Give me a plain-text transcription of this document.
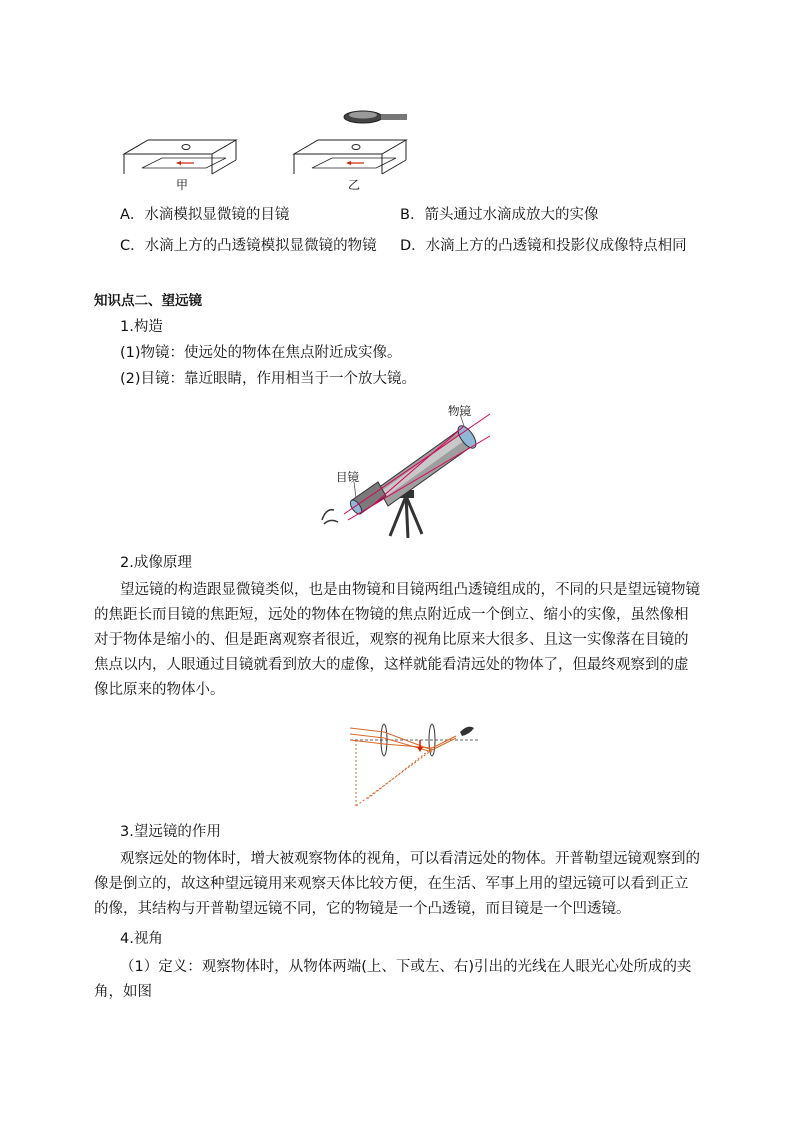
甲	乙
A．水滴模拟显微镜的目镜	B．箭头通过水滴成放大的实像
C．水滴上方的凸透镜模拟显微镜的物镜 D．水滴上方的凸透镜和投影仪成像特点相同
知识点二、望远镜
1.构造
(1)物镜：使远处的物体在焦点附近成实像。
(2)目镜：靠近眼睛，作用相当于一个放大镜。
物镜
目镜
2.成像原理
望远镜的构造跟显微镜类似，也是由物镜和目镜两组凸透镜组成的，不同的只是望远镜物镜的焦距长而目镜的焦距短，远处的物体在物镜的焦点附近成一个倒立、缩小的实像，虽然像相对于物体是缩小的、但是距离观察者很近，观察的视角比原来大很多、且这一实像落在目镜的焦点以内，人眼通过目镜就看到放大的虚像，这样就能看清远处的物体了，但最终观察到的虚像比原来的物体小。
3.望远镜的作用
观察远处的物体时，增大被观察物体的视角，可以看清远处的物体。开普勒望远镜观察到的像是倒立的，故这种望远镜用来观察天体比较方便，在生活、军事上用的望远镜可以看到正立的像，其结构与开普勒望远镜不同，它的物镜是一个凸透镜，而目镜是一个凹透镜。
4.视角
（1）定义：观察物体时，从物体两端(上、下或左、右)引出的光线在人眼光心处所成的夹角，如图
